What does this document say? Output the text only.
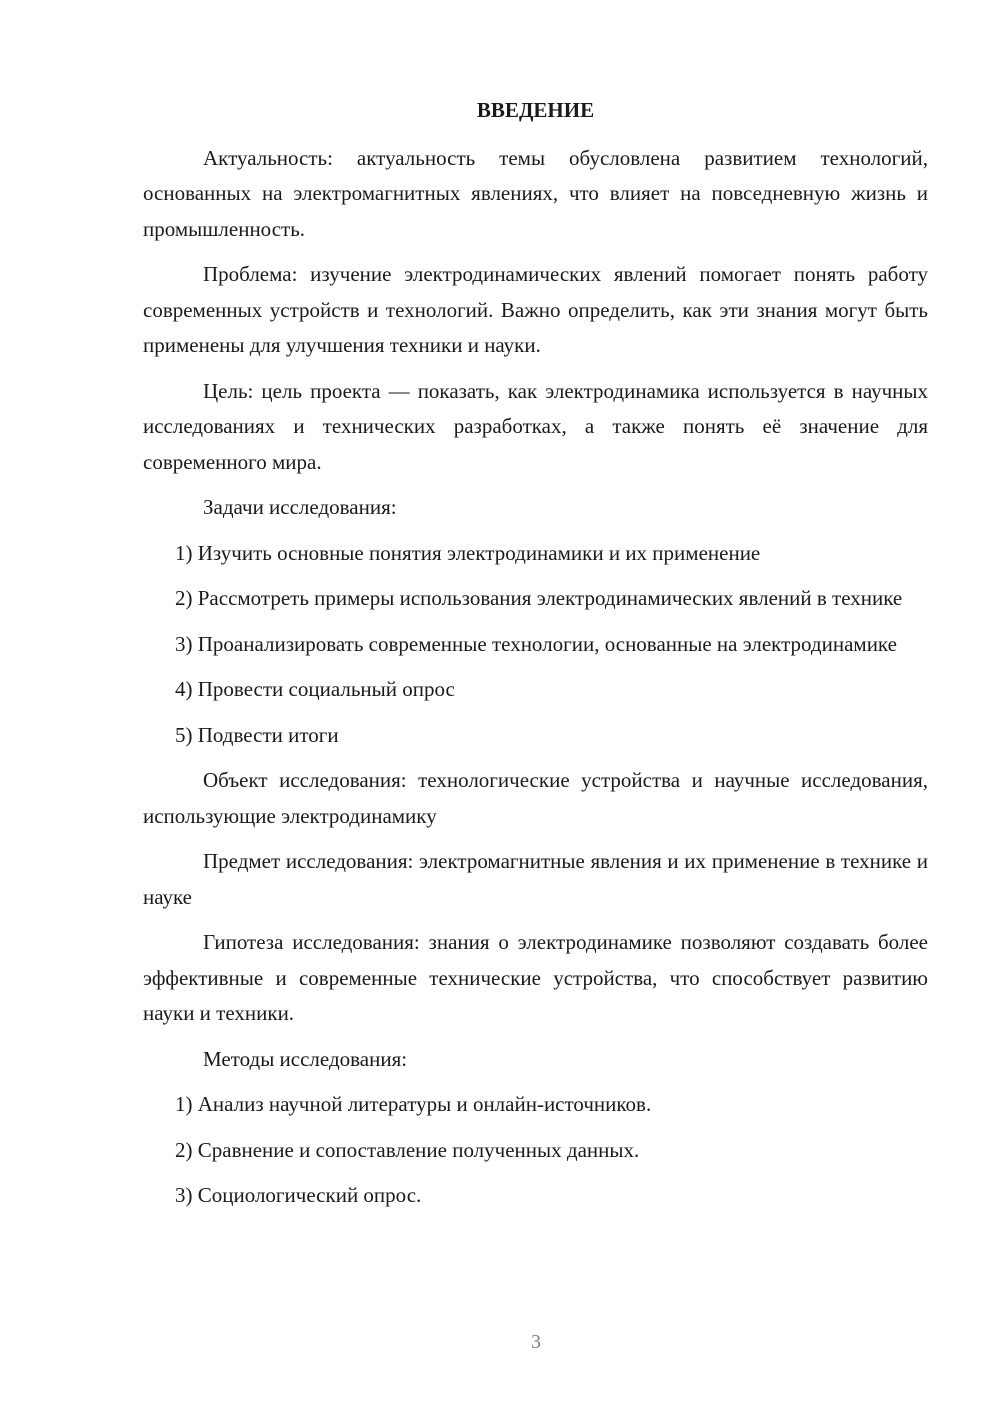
ВВЕДЕНИЕ

Актуальность: актуальность темы обусловлена развитием технологий, основанных на электромагнитных явлениях, что влияет на повседневную жизнь и промышленность.

Проблема: изучение электродинамических явлений помогает понять работу современных устройств и технологий. Важно определить, как эти знания могут быть применены для улучшения техники и науки.

Цель: цель проекта — показать, как электродинамика используется в научных исследованиях и технических разработках, а также понять её значение для современного мира.

Задачи исследования:

1) Изучить основные понятия электродинамики и их применение

2) Рассмотреть примеры использования электродинамических явлений в технике

3) Проанализировать современные технологии, основанные на электродинамике

4) Провести социальный опрос

5) Подвести итоги

Объект исследования: технологические устройства и научные исследования, использующие электродинамику

Предмет исследования: электромагнитные явления и их применение в технике и науке

Гипотеза исследования: знания о электродинамике позволяют создавать более эффективные и современные технические устройства, что способствует развитию науки и техники.

Методы исследования:

1) Анализ научной литературы и онлайн-источников.

2) Сравнение и сопоставление полученных данных.

3) Социологический опрос.

3
